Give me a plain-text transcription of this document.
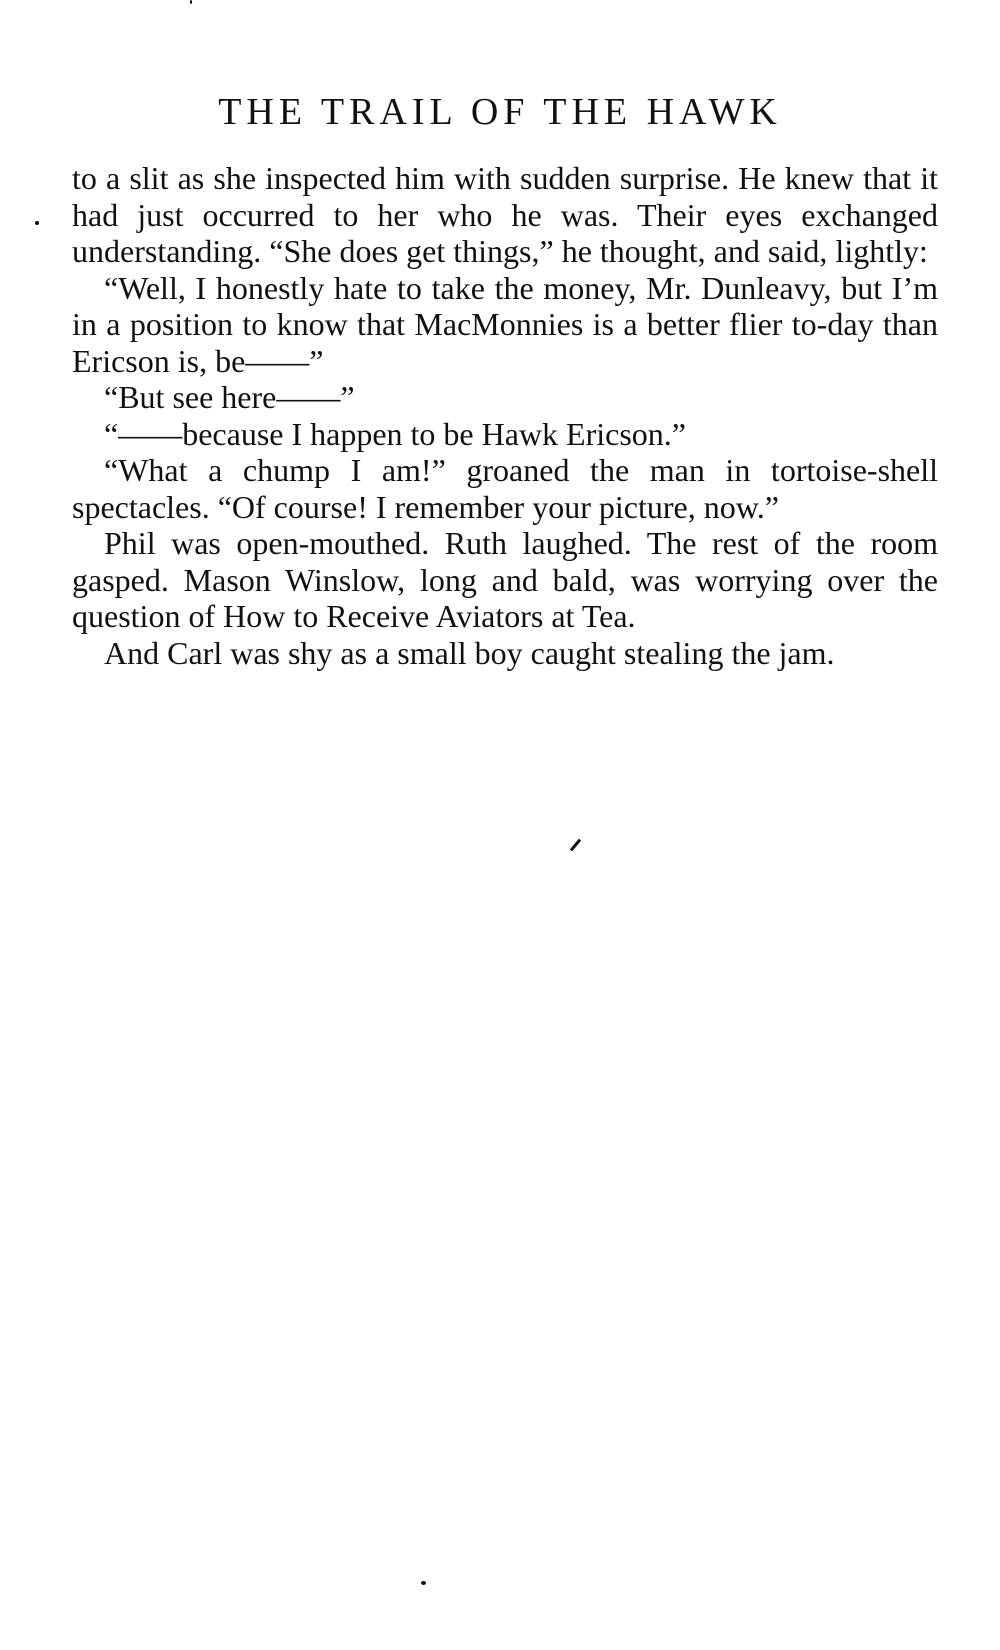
THE TRAIL OF THE HAWK

to a slit as she inspected him with sudden surprise. He knew that it had just occurred to her who he was. Their eyes exchanged understanding. “She does get things,” he thought, and said, lightly:

“Well, I honestly hate to take the money, Mr. Dunleavy, but I’m in a position to know that MacMonnies is a better flier to-day than Ericson is, be——”

“But see here——”

“——because I happen to be Hawk Ericson.”

“What a chump I am!” groaned the man in tortoise-shell spectacles. “Of course! I remember your picture, now.”

Phil was open-mouthed. Ruth laughed. The rest of the room gasped. Mason Winslow, long and bald, was worrying over the question of How to Receive Aviators at Tea.

And Carl was shy as a small boy caught stealing the jam.
